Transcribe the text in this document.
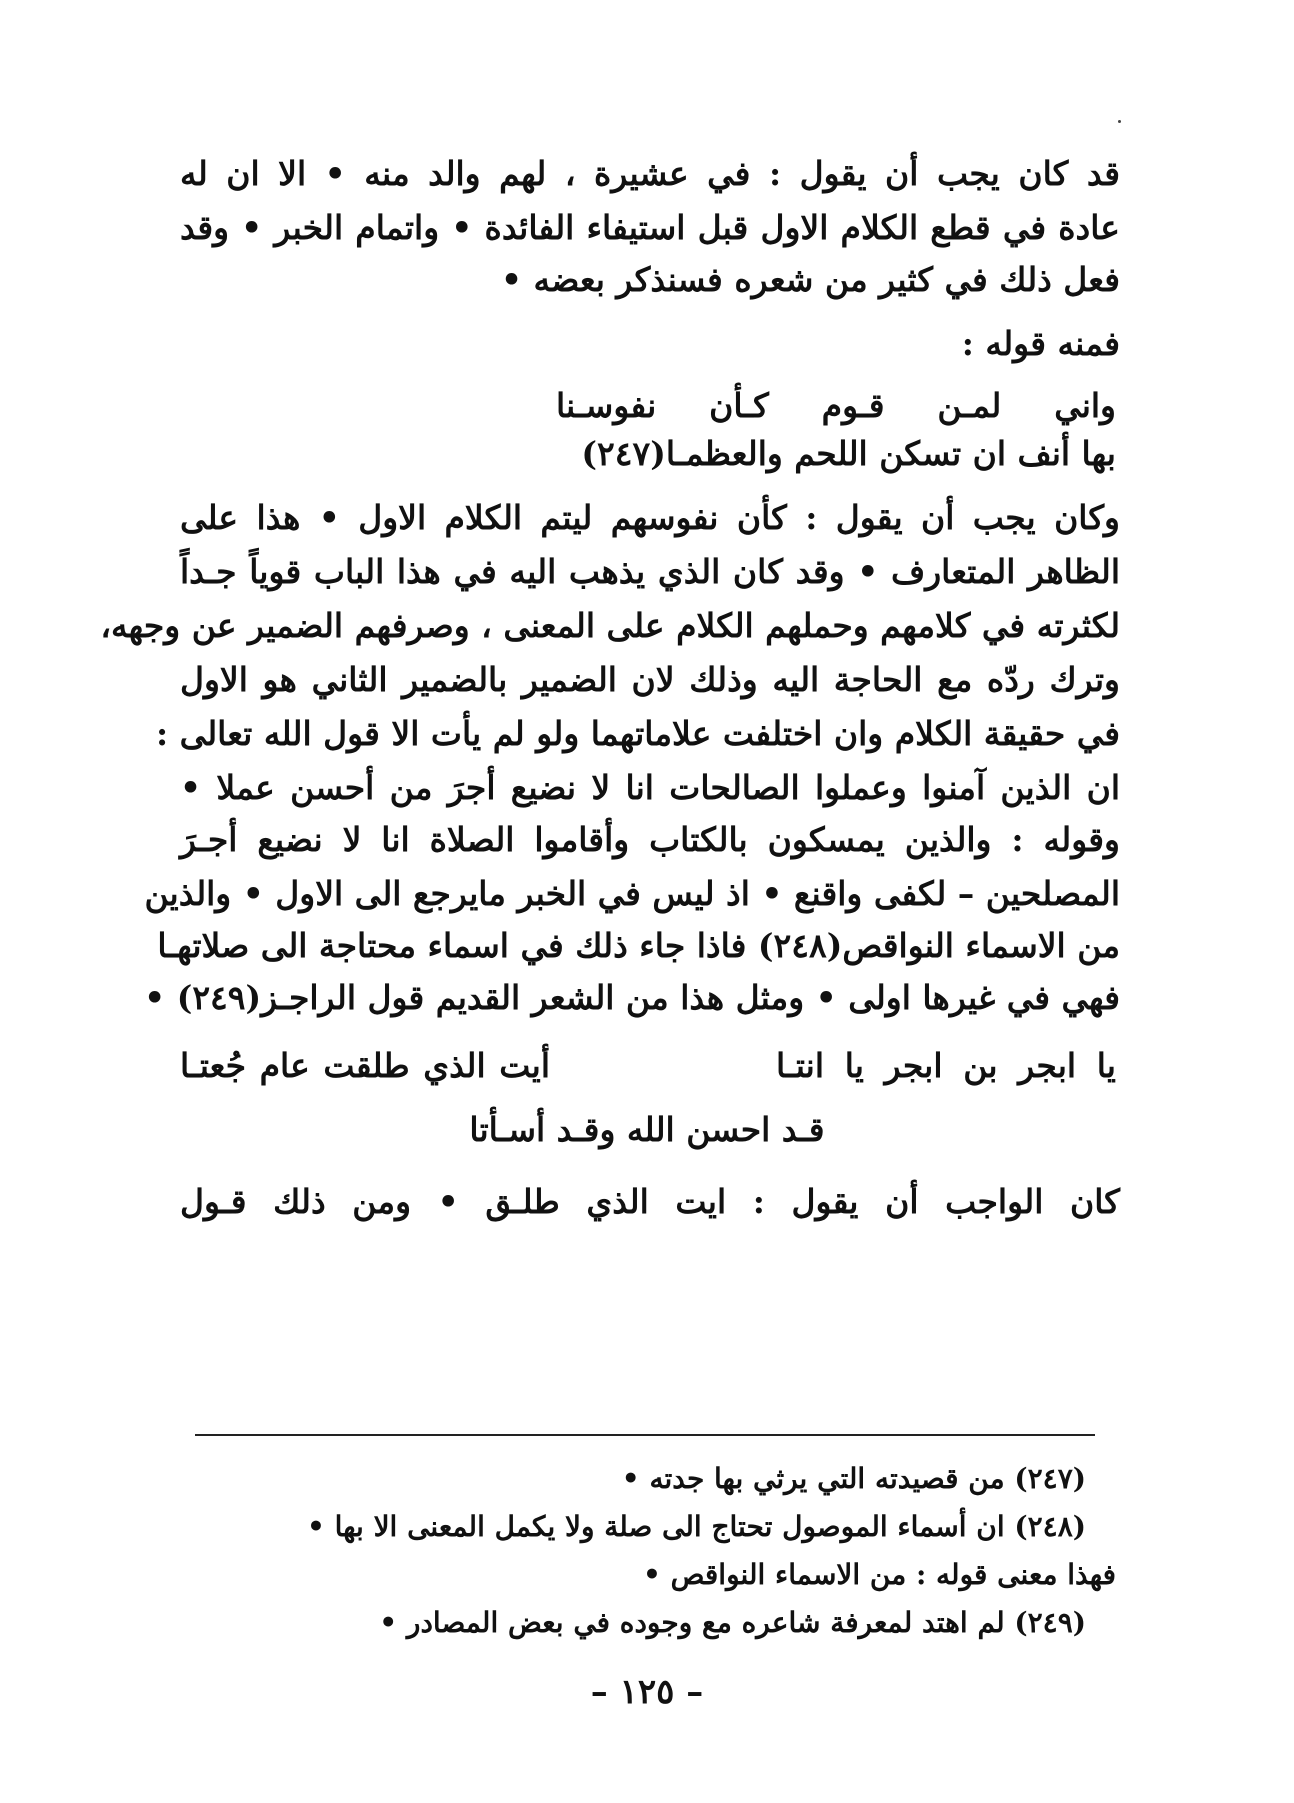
قد كان يجب أن يقول : في عشيرة ، لهم والد منه • الا ان له
عادة في قطع الكلام الاول قبل استيفاء الفائدة • واتمام الخبر • وقد
فعل ذلك في كثير من شعره فسنذكر بعضه •
فمنه قوله :
واني لمـن قـوم كـأن نفوسـنا
بها أنف ان تسكن اللحم والعظمـا(٢٤٧)
وكان يجب أن يقول : كأن نفوسهم ليتم الكلام الاول • هذا على
الظاهر المتعارف • وقد كان الذي يذهب اليه في هذا الباب قوياً جـداً
لكثرته في كلامهم وحملهم الكلام على المعنى ، وصرفهم الضمير عن وجهه،
وترك ردّه مع الحاجة اليه وذلك لان الضمير بالضمير الثاني هو الاول
في حقيقة الكلام وان اختلفت علاماتهما ولو لم يأت الا قول الله تعالى :
ان الذين آمنوا وعملوا الصالحات انا لا نضيع أجرَ من أحسن عملا •
وقوله : والذين يمسكون بالكتاب وأقاموا الصلاة انا لا نضيع أجـرَ
المصلحين – لكفى واقنع • اذ ليس في الخبر مايرجع الى الاول • والذين
من الاسماء النواقص(٢٤٨) فاذا جاء ذلك في اسماء محتاجة الى صلاتهـا
فهي في غيرها اولى • ومثل هذا من الشعر القديم قول الراجـز(٢٤٩) •
يا ابجر بن ابجر يا انتـا
أيت الذي طلقت عام جُعتـا
قـد احسن الله وقـد أسـأتا
كان الواجب أن يقول : ايت الذي طلـق • ومن ذلك قـول
(٢٤٧) من قصيدته التي يرثي بها جدته •
(٢٤٨) ان أسماء الموصول تحتاج الى صلة ولا يكمل المعنى الا بها •
فهذا معنى قوله : من الاسماء النواقص •
(٢٤٩) لم اهتد لمعرفة شاعره مع وجوده في بعض المصادر •
– ١٢٥ –
